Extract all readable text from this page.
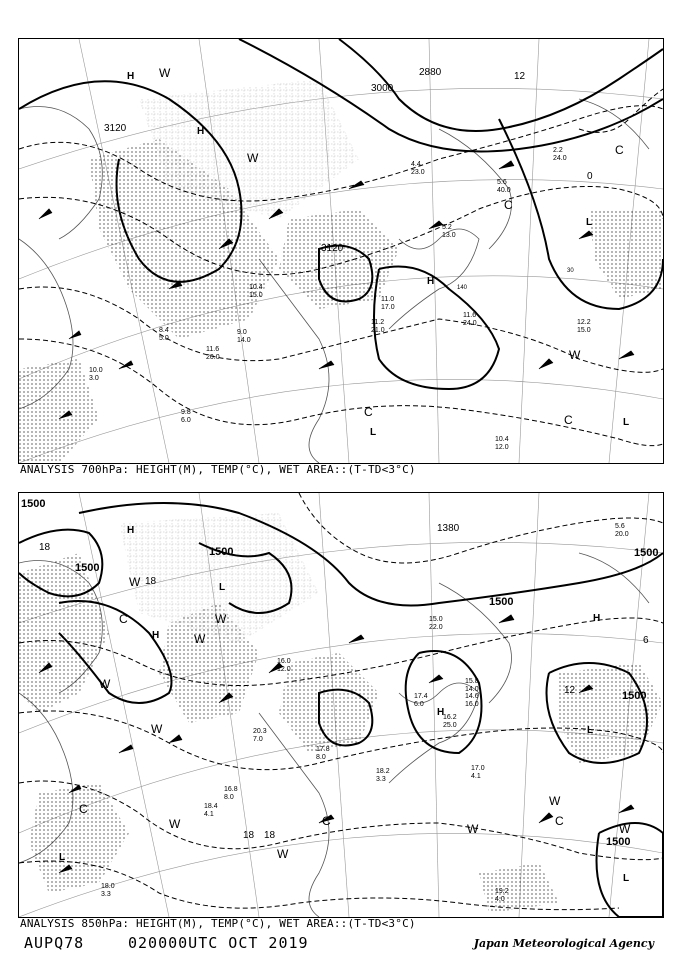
3120
3000
2880	12
0
3120
30
140
H W
H
H
C
L
C
L
W
C
L
W
C
11.2
21.0
11.0
17.0
11.6
24.0	12.2
15.0
10.4
12.0
10.0
3.0
9.8
6.0
5.2
13.0
4.4
23.0
2.2
24.0
5.6
40.0
9.0
14.0
10.4
15.0
8.4
5.0
11.6
20.0
ANALYSIS 700hPa: HEIGHT(M), TEMP(°C), WET AREA::(T-TD<3°C)
1500
1500
1500
1500
1500
1500
1500
1380
18
18
12
18 18
6
H
L
C
H
W
W
W
H
L
C
L
H
L
W
W
C
W
W	C
W
W
W
17.8
8.0
16.2
25.0
14.6
16.0
17.0
4.1
19.2
4.0
18.0
3.3
18.4
4.1
16.8
8.0
15.0
22.0
15.8
14.0
16.0
12.0
17.4
6.0
18.2
3.3
20.3
7.0
5.6
20.0
ANALYSIS 850hPa: HEIGHT(M), TEMP(°C), WET AREA::(T-TD<3°C)
AUPQ78	020000UTC OCT 2019	Japan Meteorological Agency
